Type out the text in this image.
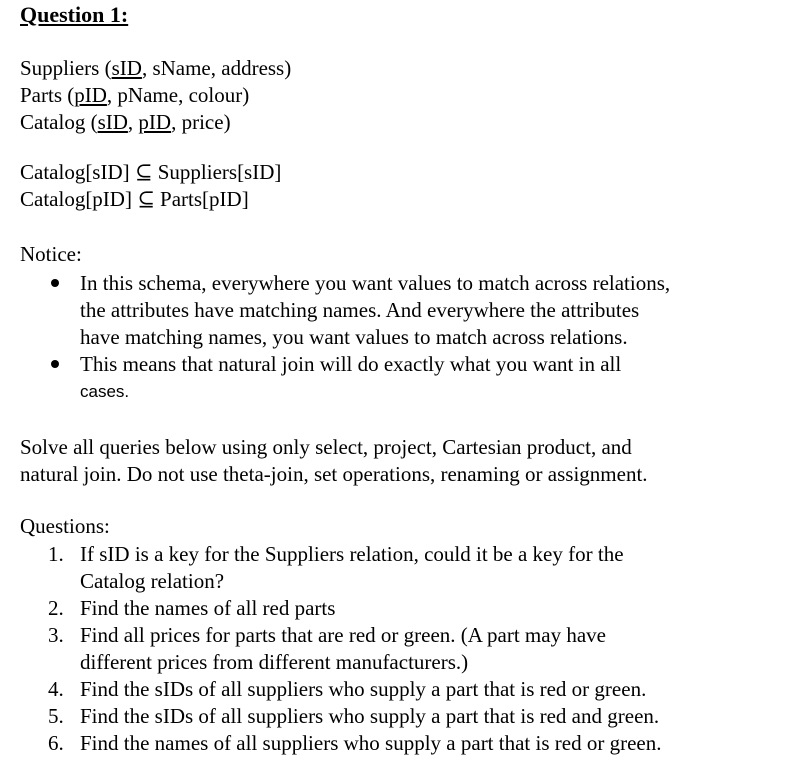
Question 1:
Suppliers (sID, sName, address)
Parts (pID, pName, colour)
Catalog (sID, pID, price)
Catalog[sID] ⊆ Suppliers[sID]
Catalog[pID] ⊆ Parts[pID]
Notice:
In this schema, everywhere you want values to match across relations,
the attributes have matching names. And everywhere the attributes
have matching names, you want values to match across relations.
This means that natural join will do exactly what you want in all
cases.
Solve all queries below using only select, project, Cartesian product, and
natural join. Do not use theta-join, set operations, renaming or assignment.
Questions:
1. If sID is a key for the Suppliers relation, could it be a key for the
Catalog relation?
2. Find the names of all red parts
3. Find all prices for parts that are red or green. (A part may have
different prices from different manufacturers.)
4. Find the sIDs of all suppliers who supply a part that is red or green.
5. Find the sIDs of all suppliers who supply a part that is red and green.
6. Find the names of all suppliers who supply a part that is red or green.
